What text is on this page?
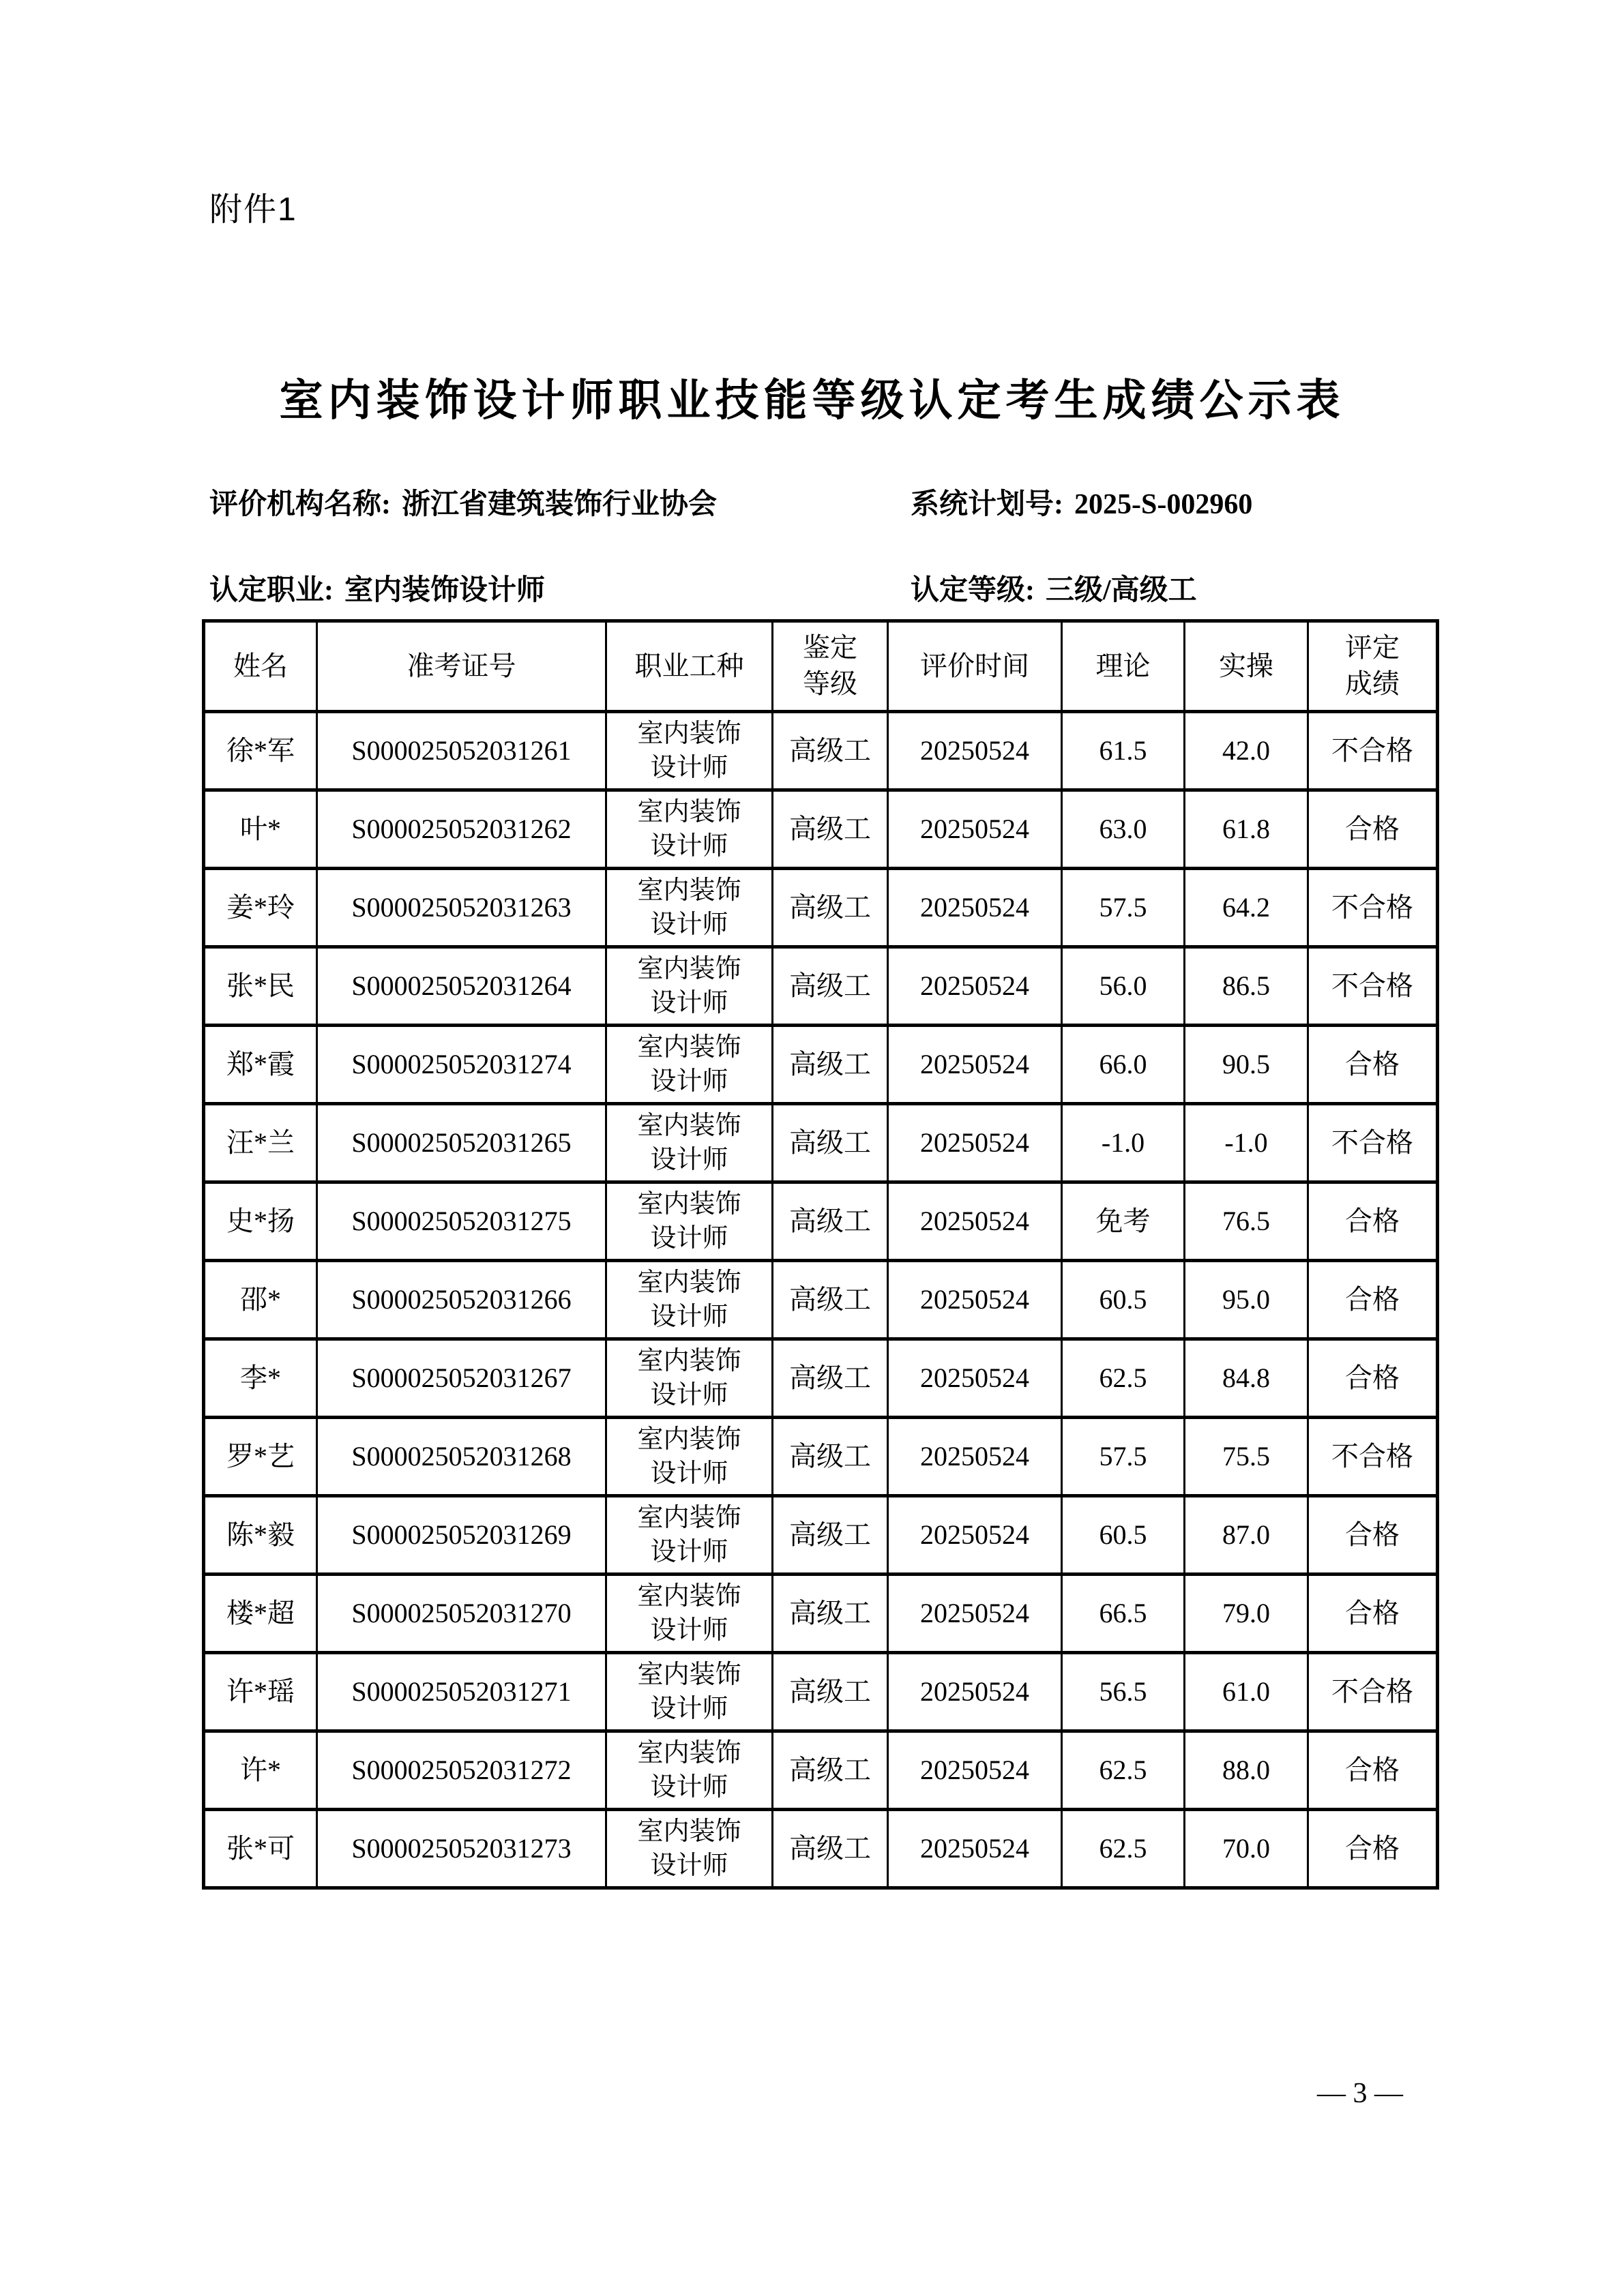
附件1
室内装饰设计师职业技能等级认定考生成绩公示表
评价机构名称: 浙江省建筑装饰行业协会	系统计划号: 2025-S-002960
认定职业: 室内装饰设计师	认定等级: 三级/高级工
姓名	准考证号	职业工种	鉴定等级	评价时间	理论	实操	评定成绩
徐*军	S000025052031261	室内装饰设计师	高级工	20250524	61.5	42.0	不合格
叶*	S000025052031262	室内装饰设计师	高级工	20250524	63.0	61.8	合格
姜*玲	S000025052031263	室内装饰设计师	高级工	20250524	57.5	64.2	不合格
张*民	S000025052031264	室内装饰设计师	高级工	20250524	56.0	86.5	不合格
郑*霞	S000025052031274	室内装饰设计师	高级工	20250524	66.0	90.5	合格
汪*兰	S000025052031265	室内装饰设计师	高级工	20250524	-1.0	-1.0	不合格
史*扬	S000025052031275	室内装饰设计师	高级工	20250524	免考	76.5	合格
邵*	S000025052031266	室内装饰设计师	高级工	20250524	60.5	95.0	合格
李*	S000025052031267	室内装饰设计师	高级工	20250524	62.5	84.8	合格
罗*艺	S000025052031268	室内装饰设计师	高级工	20250524	57.5	75.5	不合格
陈*毅	S000025052031269	室内装饰设计师	高级工	20250524	60.5	87.0	合格
楼*超	S000025052031270	室内装饰设计师	高级工	20250524	66.5	79.0	合格
许*瑶	S000025052031271	室内装饰设计师	高级工	20250524	56.5	61.0	不合格
许*	S000025052031272	室内装饰设计师	高级工	20250524	62.5	88.0	合格
张*可	S000025052031273	室内装饰设计师	高级工	20250524	62.5	70.0	合格
— 3 —
